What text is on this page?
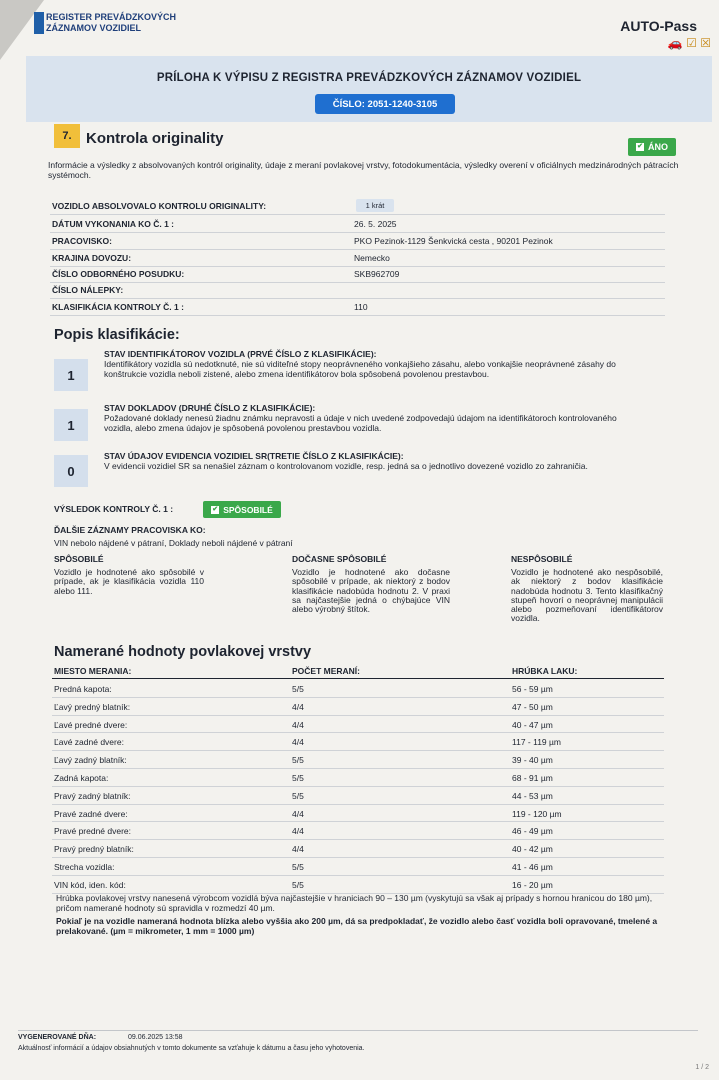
REGISTER PREVÁDZKOVÝCH
ZÁZNAMOV VOZIDIEL	AUTO-Pass
🚗 ☑ ☒
PRÍLOHA K VÝPISU Z REGISTRA PREVÁDZKOVÝCH ZÁZNAMOV VOZIDIEL
ČÍSLO: 2051-1240-3105
7. Kontrola originality	✔ ÁNO
Informácie a výsledky z absolvovaných kontról originality, údaje z meraní povlakovej vrstvy, fotodokumentácia, výsledky overení v oficiálnych medzinárodných pátracích systémoch.
VOZIDLO ABSOLVOVALO KONTROLU ORIGINALITY:	1 krát
DÁTUM VYKONANIA KO Č. 1 :	26. 5. 2025
PRACOVISKO:	PKO Pezinok-1129 Šenkvická cesta , 90201 Pezinok
KRAJINA DOVOZU:	Nemecko
ČÍSLO ODBORNÉHO POSUDKU:	SKB962709
ČÍSLO NÁLEPKY:
KLASIFIKÁCIA KONTROLY Č. 1 :	110
Popis klasifikácie:
1
STAV IDENTIFIKÁTOROV VOZIDLA (PRVÉ ČÍSLO Z KLASIFIKÁCIE):
Identifikátory vozidla sú nedotknuté, nie sú viditeľné stopy neoprávneného vonkajšieho zásahu, alebo vonkajšie neoprávnené zásahy do konštrukcie vozidla neboli zistené, alebo zmena identifikátorov bola spôsobená povolenou prestavbou.
1
STAV DOKLADOV (DRUHÉ ČÍSLO Z KLASIFIKÁCIE):
Požadované doklady nenesú žiadnu známku nepravosti a údaje v nich uvedené zodpovedajú údajom na identifikátoroch kontrolovaného vozidla, alebo zmena údajov je spôsobená povolenou prestavbou vozidla.
0
STAV ÚDAJOV EVIDENCIA VOZIDIEL SR(TRETIE ČÍSLO Z KLASIFIKÁCIE):
V evidencii vozidiel SR sa nenašiel záznam o kontrolovanom vozidle, resp. jedná sa o jednotlivo dovezené vozidlo zo zahraničia.
VÝSLEDOK KONTROLY Č. 1 :	✔ SPÔSOBILÉ
ĎALŠIE ZÁZNAMY PRACOVISKA KO:
VIN nebolo nájdené v pátraní, Doklady neboli nájdené v pátraní
SPÔSOBILÉ
Vozidlo je hodnotené ako spôsobilé v prípade, ak je klasifikácia vozidla 110 alebo 111.
DOČASNE SPÔSOBILÉ
Vozidlo je hodnotené ako dočasne spôsobilé v prípade, ak niektorý z bodov klasifikácie nadobúda hodnotu 2. V praxi sa najčastejšie jedná o chýbajúce VIN alebo výrobný štítok.
NESPÔSOBILÉ
Vozidlo je hodnotené ako nespôsobilé, ak niektorý z bodov klasifikácie nadobúda hodnotu 3. Tento klasifikačný stupeň hovorí o neoprávnej manipulácii alebo pozmeňovaní identifikátorov vozidla.
Namerané hodnoty povlakovej vrstvy
MIESTO MERANIA:	POČET MERANÍ:	HRÚBKA LAKU:
Predná kapota:	5/5	56 - 59 µm
Ľavý predný blatník:	4/4	47 - 50 µm
Ľavé predné dvere:	4/4	40 - 47 µm
Ľavé zadné dvere:	4/4	117 - 119 µm
Ľavý zadný blatník:	5/5	39 - 40 µm
Zadná kapota:	5/5	68 - 91 µm
Pravý zadný blatník:	5/5	44 - 53 µm
Pravé zadné dvere:	4/4	119 - 120 µm
Pravé predné dvere:	4/4	46 - 49 µm
Pravý predný blatník:	4/4	40 - 42 µm
Strecha vozidla:	5/5	41 - 46 µm
VIN kód, iden. kód:	5/5	16 - 20 µm
Hrúbka povlakovej vrstvy nanesená výrobcom vozidlá býva najčastejšie v hraniciach 90 – 130 µm (vyskytujú sa však aj prípady s hornou hranicou do 180 µm), pričom namerané hodnoty sú spravidla v rozmedzí 40 µm.
Pokiaľ je na vozidle nameraná hodnota blízka alebo vyššia ako 200 µm, dá sa predpokladať, že vozidlo alebo časť vozidla boli opravované, tmelené a prelakované. (µm = mikrometer, 1 mm = 1000 µm)
VYGENEROVANÉ DŇA:	09.06.2025 13:58
Aktuálnosť informácií a údajov obsiahnutých v tomto dokumente sa vzťahuje k dátumu a času jeho vyhotovenia.
1 / 2
